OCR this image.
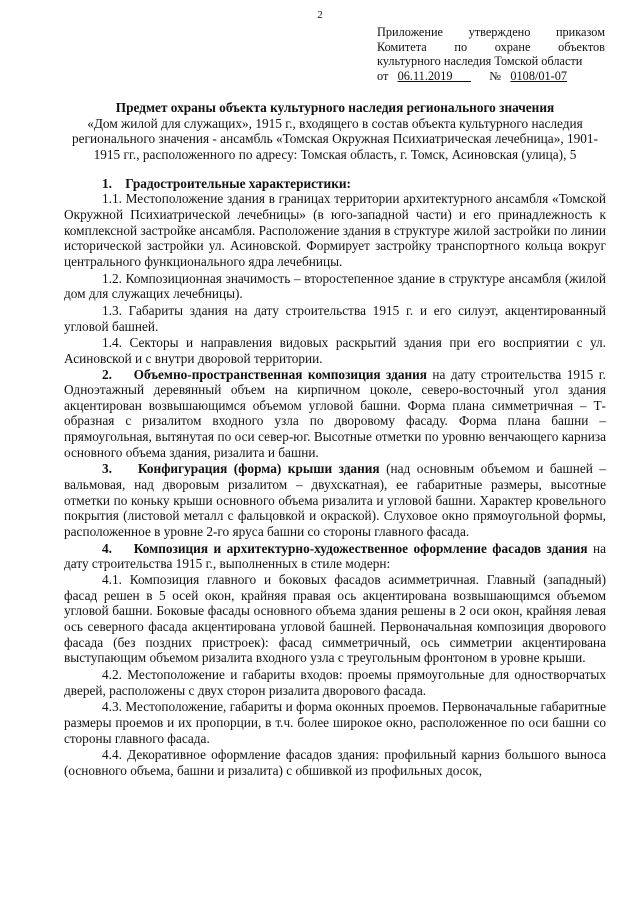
2
Приложение утверждено приказом
Комитета по охране объектов
культурного наследия Томской области
от 06.11.2019	№ 0108/01-07
Предмет охраны объекта культурного наследия регионального значения
«Дом жилой для служащих», 1915 г., входящего в состав объекта культурного наследия регионального значения - ансамбль «Томская Окружная Психиатрическая лечебница», 1901-1915 гг., расположенного по адресу: Томская область, г. Томск, Асиновская (улица), 5
1.    Градостроительные характеристики:

1.1. Местоположение здания в границах территории архитектурного ансамбля «Томской Окружной Психиатрической лечебницы» (в юго-западной части) и его принадлежность к комплексной застройке ансамбля. Расположение здания в структуре жилой застройки по линии исторической застройки ул. Асиновской. Формирует застройку транспортного кольца вокруг центрального функционального ядра лечебницы.

1.2. Композиционная значимость – второстепенное здание в структуре ансамбля (жилой дом для служащих лечебницы).

1.3. Габариты здания на дату строительства 1915 г. и его силуэт, акцентированный угловой башней.

1.4. Секторы и направления видовых раскрытий здания при его восприятии с ул. Асиновской и с внутри дворовой территории.

2.    Объемно-пространственная композиция здания на дату строительства 1915 г. Одноэтажный деревянный объем на кирпичном цоколе, северо-восточный угол здания акцентирован возвышающимся объемом угловой башни. Форма плана симметричная – Т-образная с ризалитом входного узла по дворовому фасаду. Форма плана башни – прямоугольная, вытянутая по оси север-юг. Высотные отметки по уровню венчающего карниза основного объема здания, ризалита и башни.

3.    Конфигурация (форма) крыши здания (над основным объемом и башней – вальмовая, над дворовым ризалитом – двухскатная), ее габаритные размеры, высотные отметки по коньку крыши основного объема ризалита и угловой башни. Характер кровельного покрытия (листовой металл с фальцовкой и окраской). Слуховое окно прямоугольной формы, расположенное в уровне 2-го яруса башни со стороны главного фасада.

4.    Композиция и архитектурно-художественное оформление фасадов здания на дату строительства 1915 г., выполненных в стиле модерн:

4.1. Композиция главного и боковых фасадов асимметричная. Главный (западный) фасад решен в 5 осей окон, крайняя правая ось акцентирована возвышающимся объемом угловой башни. Боковые фасады основного объема здания решены в 2 оси окон, крайняя левая ось северного фасада акцентирована угловой башней. Первоначальная композиция дворового фасада (без поздних пристроек): фасад симметричный, ось симметрии акцентирована выступающим объемом ризалита входного узла с треугольным фронтоном в уровне крыши.

4.2. Местоположение и габариты входов: проемы прямоугольные для одностворчатых дверей, расположены с двух сторон ризалита дворового фасада.

4.3. Местоположение, габариты и форма оконных проемов. Первоначальные габаритные размеры проемов и их пропорции, в т.ч. более широкое окно, расположенное по оси башни со стороны главного фасада.

4.4. Декоративное оформление фасадов здания: профильный карниз большого выноса (основного объема, башни и ризалита) с обшивкой из профильных досок,
